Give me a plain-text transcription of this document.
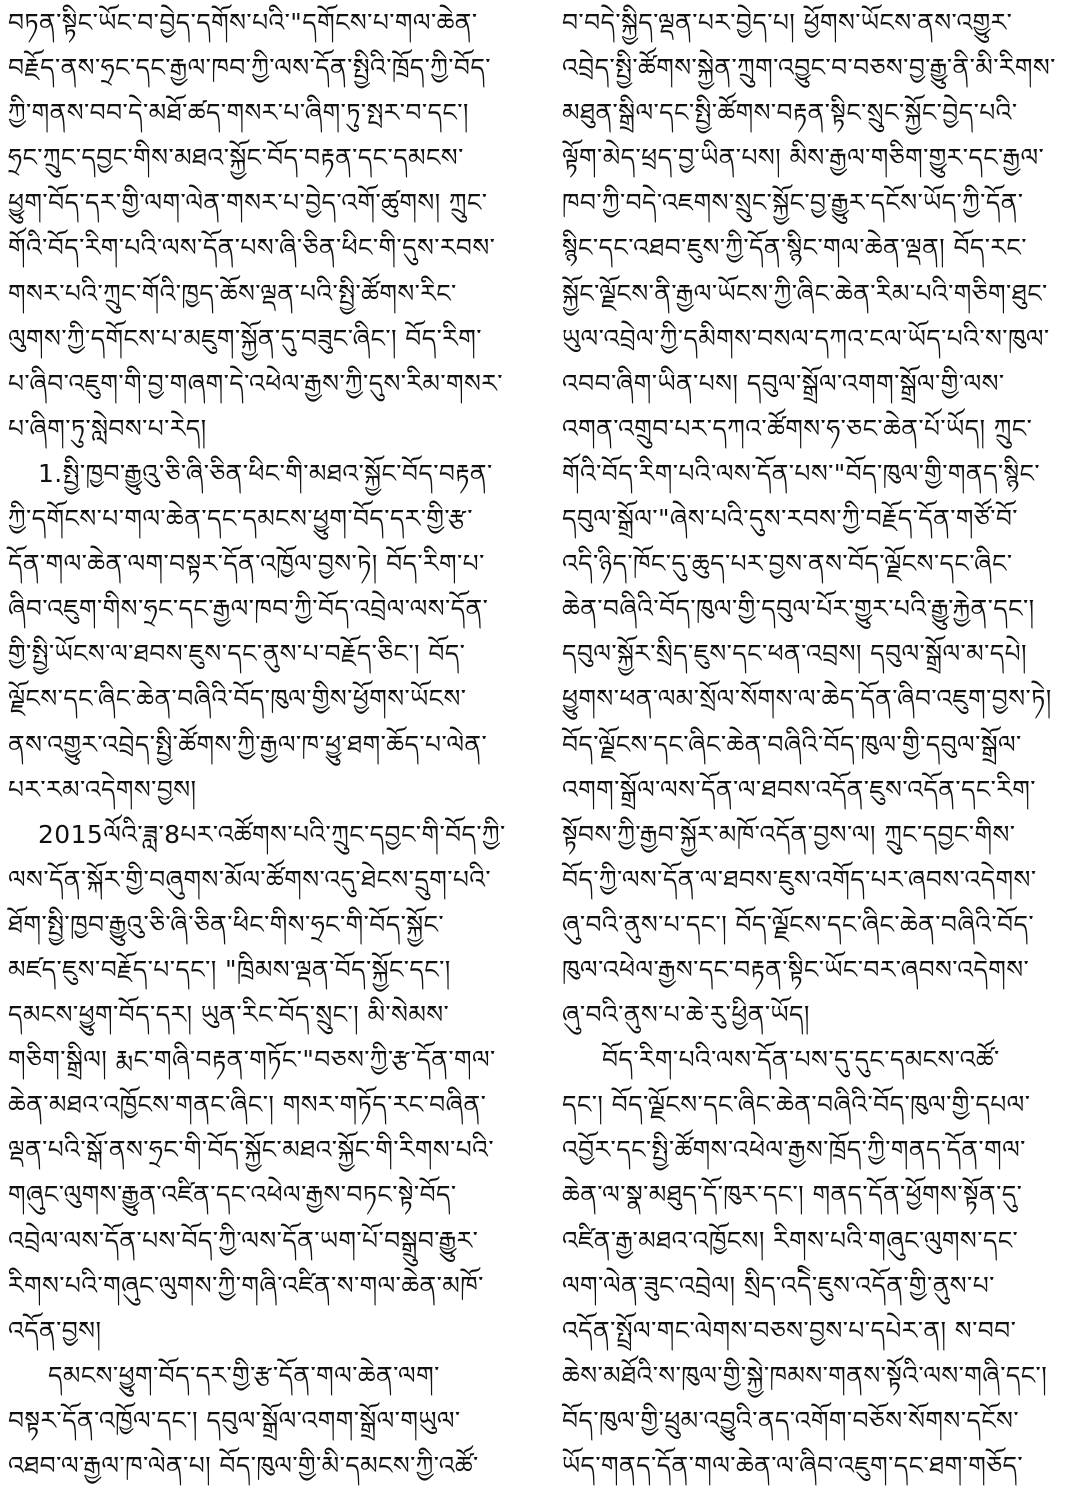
བཏན་སྟིང་ཡོང་བ་བྱེད་དགོས་པའི་"དགོངས་པ་གལ་ཆེན་
བརྗོད་ནས་ཧྲང་དང་རྒྱལ་ཁབ་ཀྱི་ལས་དོན་སྤྱིའི་ཁྲོད་ཀྱི་བོད་
ཀྱི་གནས་བབ་དེ་མཐོ་ཚད་གསར་པ་ཞིག་ཏུ་སྤར་བ་དང་།
ཧྲང་ཀྲུང་དབྱང་གིས་མཐའ་སྐྱོང་བོད་བརྟན་དང་དམངས་
ཕྱུག་བོད་དར་གྱི་ལག་ལེན་གསར་པ་བྱེད་འགོ་ཚུགས། ཀྲུང་
གོའི་བོད་རིག་པའི་ལས་དོན་པས་ཞི་ཅིན་ཕིང་གི་དུས་རབས་
གསར་པའི་ཀྲུང་གོའི་ཁྱད་ཆོས་ལྡན་པའི་སྤྱི་ཚོགས་རིང་
ལུགས་ཀྱི་དགོངས་པ་མཇུག་སྐྱོན་དུ་བཟུང་ཞིང་། བོད་རིག་
པ་ཞིབ་འཇུག་གི་བྱ་གཞག་དེ་འཕེལ་རྒྱས་ཀྱི་དུས་རིམ་གསར་
པ་ཞིག་ཏུ་སླེབས་པ་རེད།
1.སྤྱི་ཁྱབ་རྒྱུའུ་ཅི་ཞི་ཅིན་ཕིང་གི་མཐའ་སྐྱོང་བོད་བརྟན་
ཀྱི་དགོངས་པ་གལ་ཆེན་དང་དམངས་ཕྱུག་བོད་དར་གྱི་རྩ་
དོན་གལ་ཆེན་ལག་བསྟར་དོན་འཁྱོལ་བྱས་ཏེ། བོད་རིག་པ་
ཞིབ་འཇུག་གིས་ཧྲང་དང་རྒྱལ་ཁབ་ཀྱི་བོད་འབྲེལ་ལས་དོན་
གྱི་སྤྱི་ཡོངས་ལ་ཐབས་ཇུས་དང་ནུས་པ་བརྗོད་ཅིང་། བོད་
ལྗོངས་དང་ཞིང་ཆེན་བཞིའི་བོད་ཁུལ་གྱིས་ཕྱོགས་ཡོངས་
ནས་འགྱུར་འབྲེད་སྤྱི་ཚོགས་ཀྱི་རྒྱལ་ཁ་ཕྱུ་ཐག་ཆོད་པ་ལེན་
པར་རམ་འདེགས་བྱས།
2015ལོའི་ཟླ་8པར་འཚོགས་པའི་ཀྲུང་དབྱང་གི་བོད་ཀྱི་
ལས་དོན་སྐོར་གྱི་བཞུགས་མོལ་ཚོགས་འདུ་ཐེངས་དྲུག་པའི་
ཐོག་སྤྱི་ཁྱབ་རྒྱུའུ་ཅི་ཞི་ཅིན་ཕིང་གིས་ཧྲང་གི་བོད་སྐྱོང་
མཛད་ཇུས་བརྗོད་པ་དང་། "ཁྲིམས་ལྡན་བོད་སྐྱོང་དང་།
དམངས་ཕྱུག་བོད་དར། ཡུན་རིང་བོད་སྲུང་། མི་སེམས་
གཅིག་སྒྲིལ། རྨང་གཞི་བརྟན་གཏོང་"བཅས་ཀྱི་རྩ་དོན་གལ་
ཆེན་མཐའ་འཁྱོངས་གནང་ཞིང་། གསར་གཏོད་རང་བཞིན་
ལྡན་པའི་སྒོ་ནས་ཧྲང་གི་བོད་སྐྱོང་མཐའ་སྐྱོང་གི་རིགས་པའི་
གཞུང་ལུགས་རྒྱུན་འཛིན་དང་འཕེལ་རྒྱས་བཏང་སྟེ་བོད་
འབྲེལ་ལས་དོན་པས་བོད་ཀྱི་ལས་དོན་ཡག་པོ་བསྒྲུབ་རྒྱུར་
རིགས་པའི་གཞུང་ལུགས་ཀྱི་གཞི་འཛིན་ས་གལ་ཆེན་མཁོ་
འདོན་བྱས།
དམངས་ཕྱུག་བོད་དར་གྱི་རྩ་དོན་གལ་ཆེན་ལག་
བསྟར་དོན་འཁྱོལ་དང་། དབུལ་སྒྲོལ་འགག་སྒྲོལ་གཡུལ་
འཐབ་ལ་རྒྱལ་ཁ་ལེན་པ། བོད་ཁུལ་གྱི་མི་དམངས་ཀྱི་འཚོ་
བ་བདེ་སྐྱིད་ལྡན་པར་བྱེད་པ། ཕྱོགས་ཡོངས་ནས་འགྱུར་
འབྲེད་སྤྱི་ཚོགས་སྐྱེན་ཀྲུག་འབྱུང་བ་བཅས་བྱ་རྒྱུ་ནི་མི་རིགས་
མཐུན་སྒྲིལ་དང་སྤྱི་ཚོགས་བརྟན་སྟིང་སྲུང་སྐྱོང་བྱེད་པའི་
ལྟོག་མེད་ཕྲད་བྱ་ཡིན་པས། མིས་རྒྱལ་གཅིག་གྱུར་དང་རྒྱལ་
ཁབ་ཀྱི་བདེ་འཇགས་སྲུང་སྐྱོང་བྱ་རྒྱུར་དངོས་ཡོད་ཀྱི་དོན་
སྙིང་དང་འཐབ་ཇུས་ཀྱི་དོན་སྙིང་གལ་ཆེན་ལྡན། བོད་རང་
སྐྱོང་ལྗོངས་ནི་རྒྱལ་ཡོངས་ཀྱི་ཞིང་ཆེན་རིམ་པའི་གཅིག་ཐུང་
ཡུལ་འབྲེལ་ཀྱི་དམིགས་བསལ་དཀའ་ངལ་ཡོད་པའི་ས་ཁུལ་
འབབ་ཞིག་ཡིན་པས། དབུལ་སྒྲོལ་འགག་སྒྲོལ་གྱི་ལས་
འགན་འགྲུབ་པར་དཀའ་ཚོགས་ཧ་ཅང་ཆེན་པོ་ཡོད། ཀྲུང་
གོའི་བོད་རིག་པའི་ལས་དོན་པས་"བོད་ཁུལ་གྱི་གནད་སྙིང་
དབུལ་སྒྲོལ་"ཞེས་པའི་དུས་རབས་ཀྱི་བརྗོད་དོན་གཙོ་བོ་
འདི་ཉིད་ཁོང་དུ་ཆུད་པར་བྱས་ནས་བོད་ལྗོངས་དང་ཞིང་
ཆེན་བཞིའི་བོད་ཁུལ་གྱི་དབུལ་པོར་གྱུར་པའི་རྒྱུ་རྐྱེན་དང་།
དབུལ་སྐྱོར་སྲིད་ཇུས་དང་ཕན་འབྲས། དབུལ་སྒྲོལ་མ་དཔེ།
ཕྱུགས་ཕན་ལམ་སྲོལ་སོགས་ལ་ཆེད་དོན་ཞིབ་འཇུག་བྱས་ཏེ།
བོད་ལྗོངས་དང་ཞིང་ཆེན་བཞིའི་བོད་ཁུལ་གྱི་དབུལ་སྒྲོལ་
འགག་སྒྲོལ་ལས་དོན་ལ་ཐབས་འདོན་ཇུས་འདོན་དང་རིག་
སྟོབས་ཀྱི་རྒྱབ་སྐྱོར་མཁོ་འདོན་བྱས་ལ། ཀྲུང་དབྱང་གིས་
བོད་ཀྱི་ལས་དོན་ལ་ཐབས་ཇུས་འགོད་པར་ཞབས་འདེགས་
ཞུ་བའི་ནུས་པ་དང་། བོད་ལྗོངས་དང་ཞིང་ཆེན་བཞིའི་བོད་
ཁུལ་འཕེལ་རྒྱས་དང་བརྟན་སྟིང་ཡོང་བར་ཞབས་འདེགས་
ཞུ་བའི་ནུས་པ་ཆེ་རུ་ཕྱིན་ཡོད།
བོད་རིག་པའི་ལས་དོན་པས་དུ་དུང་དམངས་འཚོ་
དང་། བོད་ལྗོངས་དང་ཞིང་ཆེན་བཞིའི་བོད་ཁུལ་གྱི་དཔལ་
འབྱོར་དང་སྤྱི་ཚོགས་འཕེལ་རྒྱས་ཁྲོད་ཀྱི་གནད་དོན་གལ་
ཆེན་ལ་སྣ་མཐུད་དོ་ཁུར་དང་། གནད་དོན་ཕྱོགས་སྟོན་དུ་
འཛིན་རྒྱ་མཐའ་འཁྱོངས། རིགས་པའི་གཞུང་ལུགས་དང་
ལག་ལེན་ཟུང་འབྲེལ། སྲིད་འདེི་ཇུས་འདོན་གྱི་ནུས་པ་
འདོན་སྤྲོལ་གང་ལེགས་བཅས་བྱས་པ་དཔེར་ན། ས་བབ་
ཆེས་མཐོའི་ས་ཁུལ་གྱི་སྐྱེ་ཁམས་གནས་སྟོའི་ལས་གཞི་དང་།
བོད་ཁུལ་གྱི་ཕྲུམ་འབྱུའི་ནད་འགོག་བཅོས་སོགས་དངོས་
ཡོད་གནད་དོན་གལ་ཆེན་ལ་ཞིབ་འཇུག་དང་ཐག་གཅོད་
